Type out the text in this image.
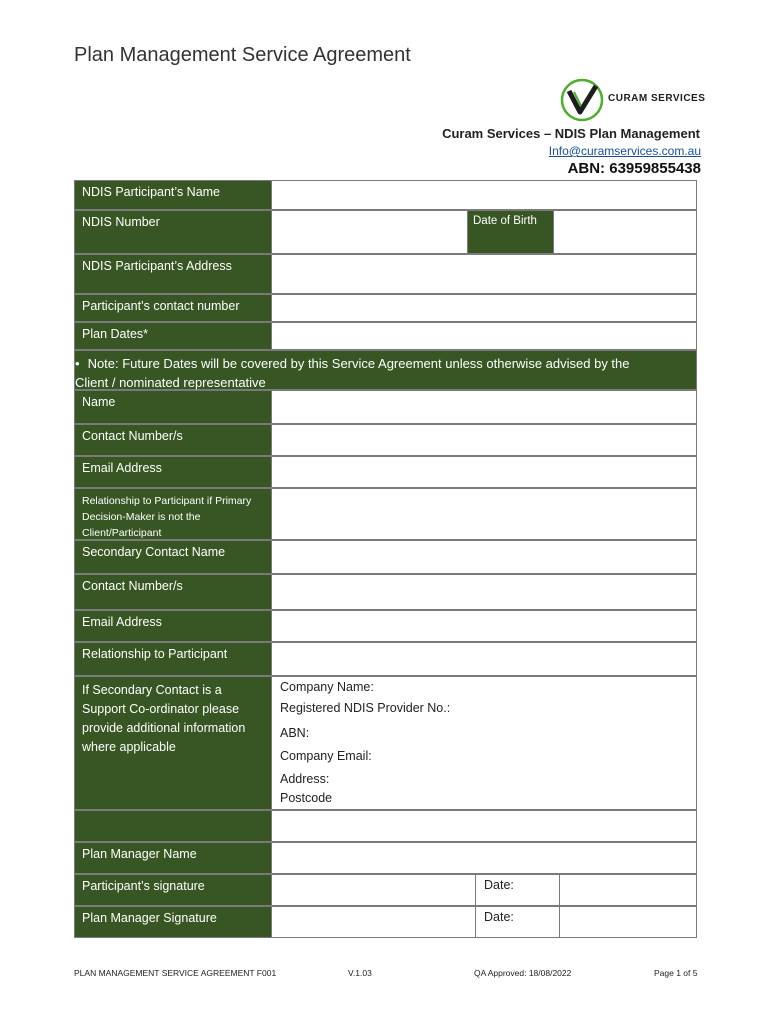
Plan Management Service Agreement
CURAM SERVICES
Curam Services – NDIS Plan Management
Info@curamservices.com.au
ABN: 63959855438
NDIS Participant’s Name
NDIS Number	Date of Birth
NDIS Participant’s Address
Participant’s contact number
Plan Dates*
• Note: Future Dates will be covered by this Service Agreement unless otherwise advised by the
Client / nominated representative
Name
Contact Number/s
Email Address
Relationship to Participant if Primary Decision-Maker is not the Client/Participant
Secondary Contact Name
Contact Number/s
Email Address
Relationship to Participant
If Secondary Contact is a Support Co-ordinator please provide additional information where applicable
Company Name:
Registered NDIS Provider No.:
ABN:
Company Email:
Address:
Postcode
Plan Manager Name
Participant’s signature	Date:
Plan Manager Signature	Date:
PLAN MANAGEMENT SERVICE AGREEMENT F001	V.1.03	QA Approved: 18/08/2022	Page 1 of 5
